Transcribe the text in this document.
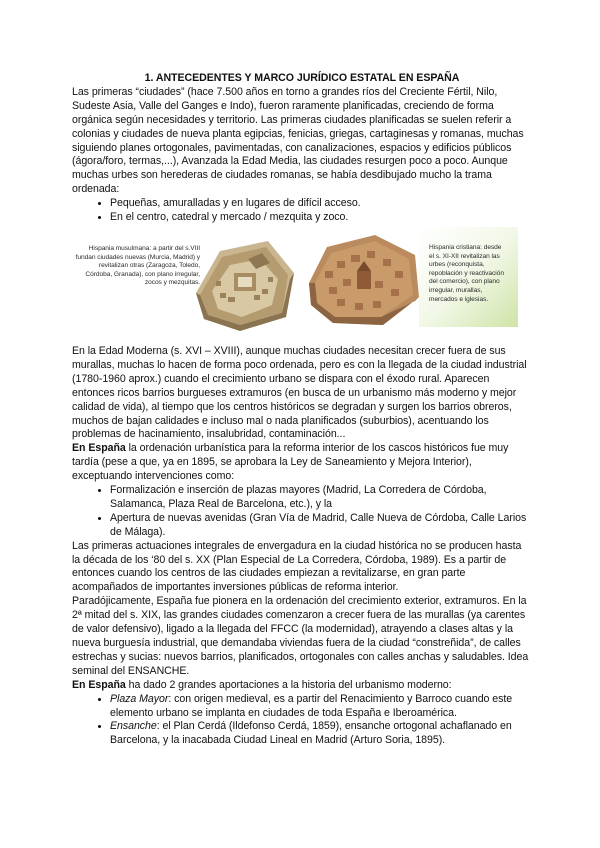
1. ANTECEDENTES Y MARCO JURÍDICO ESTATAL EN ESPAÑA

Las primeras “ciudades” (hace 7.500 años en torno a grandes ríos del Creciente Fértil, Nilo, Sudeste Asia, Valle del Ganges e Indo), fueron raramente planificadas, creciendo de forma orgánica según necesidades y territorio. Las primeras ciudades planificadas se suelen referir a colonias y ciudades de nueva planta egipcias, fenicias, griegas, cartaginesas y romanas, muchas siguiendo planes ortogonales, pavimentadas, con canalizaciones, espacios y edificios públicos (ágora/foro, termas,...), Avanzada la Edad Media, las ciudades resurgen poco a poco. Aunque muchas urbes son herederas de ciudades romanas, se había desdibujado mucho la trama ordenada:

• Pequeñas, amuralladas y en lugares de difícil acceso.
• En el centro, catedral y mercado / mezquita y zoco.
Hispania musulmana: a partir del s.VIII fundan ciudades nuevas (Murcia, Madrid) y revitalizan otras (Zaragoza, Toledo, Córdoba, Granada), con plano irregular, zocos y mezquitas.
Hispania cristiana: desde el s. XI-XII revitalizan las urbes (reconquista, repoblación y reactivación del comercio), con plano irregular, murallas, mercados e iglesias.

En la Edad Moderna (s. XVI – XVIII), aunque muchas ciudades necesitan crecer fuera de sus murallas, muchas lo hacen de forma poco ordenada, pero es con la llegada de la ciudad industrial (1780-1960 aprox.) cuando el crecimiento urbano se dispara con el éxodo rural. Aparecen entonces ricos barrios burgueses extramuros (en busca de un urbanismo más moderno y mejor calidad de vida), al tiempo que los centros históricos se degradan y surgen los barrios obreros, muchos de bajan calidades e incluso mal o nada planificados (suburbios), acentuando los problemas de hacinamiento, insalubridad, contaminación...

En España la ordenación urbanística para la reforma interior de los cascos históricos fue muy tardía (pese a que, ya en 1895, se aprobara la Ley de Saneamiento y Mejora Interior), exceptuando intervenciones como:

• Formalización e inserción de plazas mayores (Madrid, La Corredera de Córdoba, Salamanca, Plaza Real de Barcelona, etc.), y la
• Apertura de nuevas avenidas (Gran Vía de Madrid, Calle Nueva de Córdoba, Calle Larios de Málaga).

Las primeras actuaciones integrales de envergadura en la ciudad histórica no se producen hasta la década de los ‘80 del s. XX (Plan Especial de La Corredera, Córdoba, 1989). Es a partir de entonces cuando los centros de las ciudades empiezan a revitalizarse, en gran parte acompañados de importantes inversiones públicas de reforma interior.

Paradójicamente, España fue pionera en la ordenación del crecimiento exterior, extramuros. En la 2ª mitad del s. XIX, las grandes ciudades comenzaron a crecer fuera de las murallas (ya carentes de valor defensivo), ligado a la llegada del FFCC (la modernidad), atrayendo a clases altas y la nueva burguesía industrial, que demandaba viviendas fuera de la ciudad “constreñida”, de calles estrechas y sucias: nuevos barrios, planificados, ortogonales con calles anchas y saludables. Idea seminal del ENSANCHE.

En España ha dado 2 grandes aportaciones a la historia del urbanismo moderno:

• Plaza Mayor: con origen medieval, es a partir del Renacimiento y Barroco cuando este elemento urbano se implanta en ciudades de toda España e Iberoamérica.
• Ensanche: el Plan Cerdá (Ildefonso Cerdá, 1859), ensanche ortogonal achaflanado en Barcelona, y la inacabada Ciudad Lineal en Madrid (Arturo Soria, 1895).
